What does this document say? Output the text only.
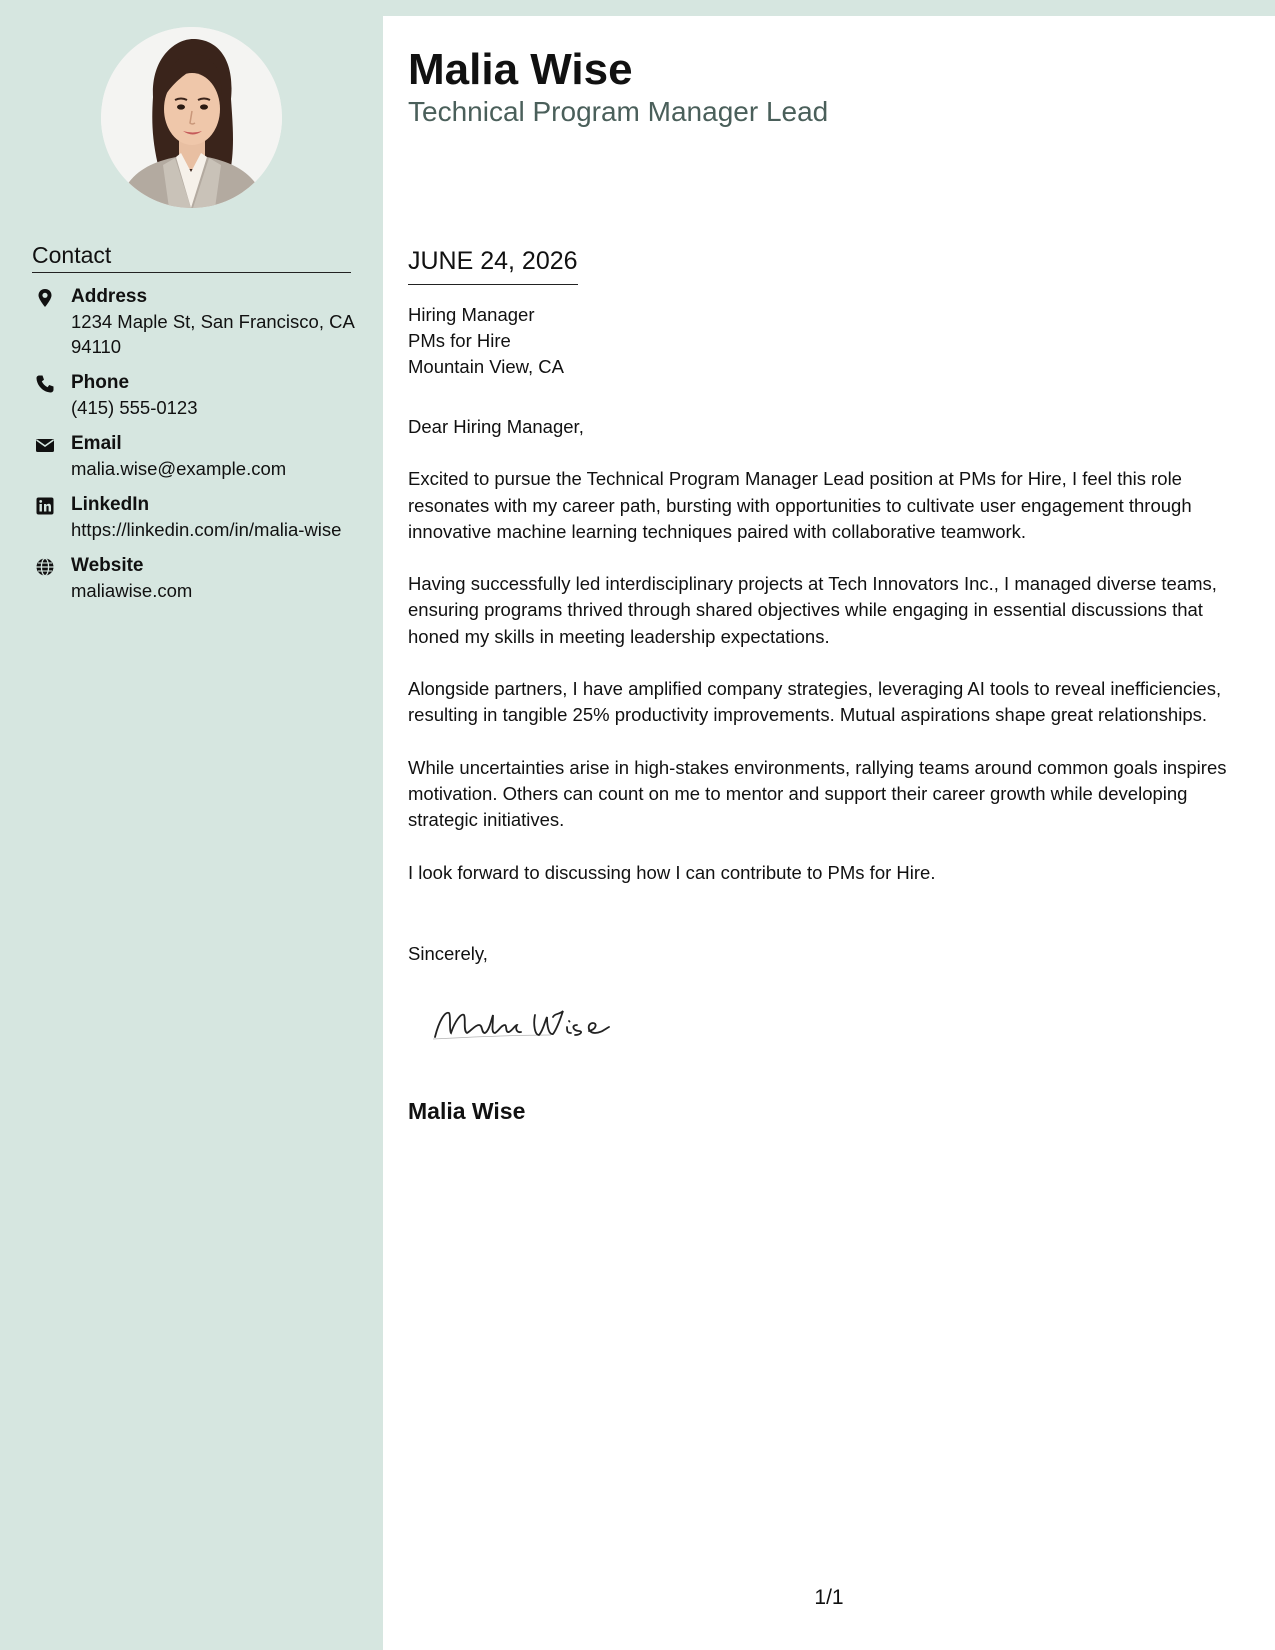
Contact
Address
1234 Maple St, San Francisco, CA 94110
Phone
(415) 555-0123
Email
malia.wise@example.com
LinkedIn
https://linkedin.com/in/malia-wise
Website
maliawise.com
Malia Wise
Technical Program Manager Lead
JUNE 24, 2026
Hiring Manager
PMs for Hire
Mountain View, CA

Dear Hiring Manager,

Excited to pursue the Technical Program Manager Lead position at PMs for Hire, I feel this role resonates with my career path, bursting with opportunities to cultivate user engagement through innovative machine learning techniques paired with collaborative teamwork.

Having successfully led interdisciplinary projects at Tech Innovators Inc., I managed diverse teams, ensuring programs thrived through shared objectives while engaging in essential discussions that honed my skills in meeting leadership expectations.

Alongside partners, I have amplified company strategies, leveraging AI tools to reveal inefficiencies, resulting in tangible 25% productivity improvements. Mutual aspirations shape great relationships.

While uncertainties arise in high-stakes environments, rallying teams around common goals inspires motivation. Others can count on me to mentor and support their career growth while developing strategic initiatives.

I look forward to discussing how I can contribute to PMs for Hire.

Sincerely,
Malia Wise
1/1
